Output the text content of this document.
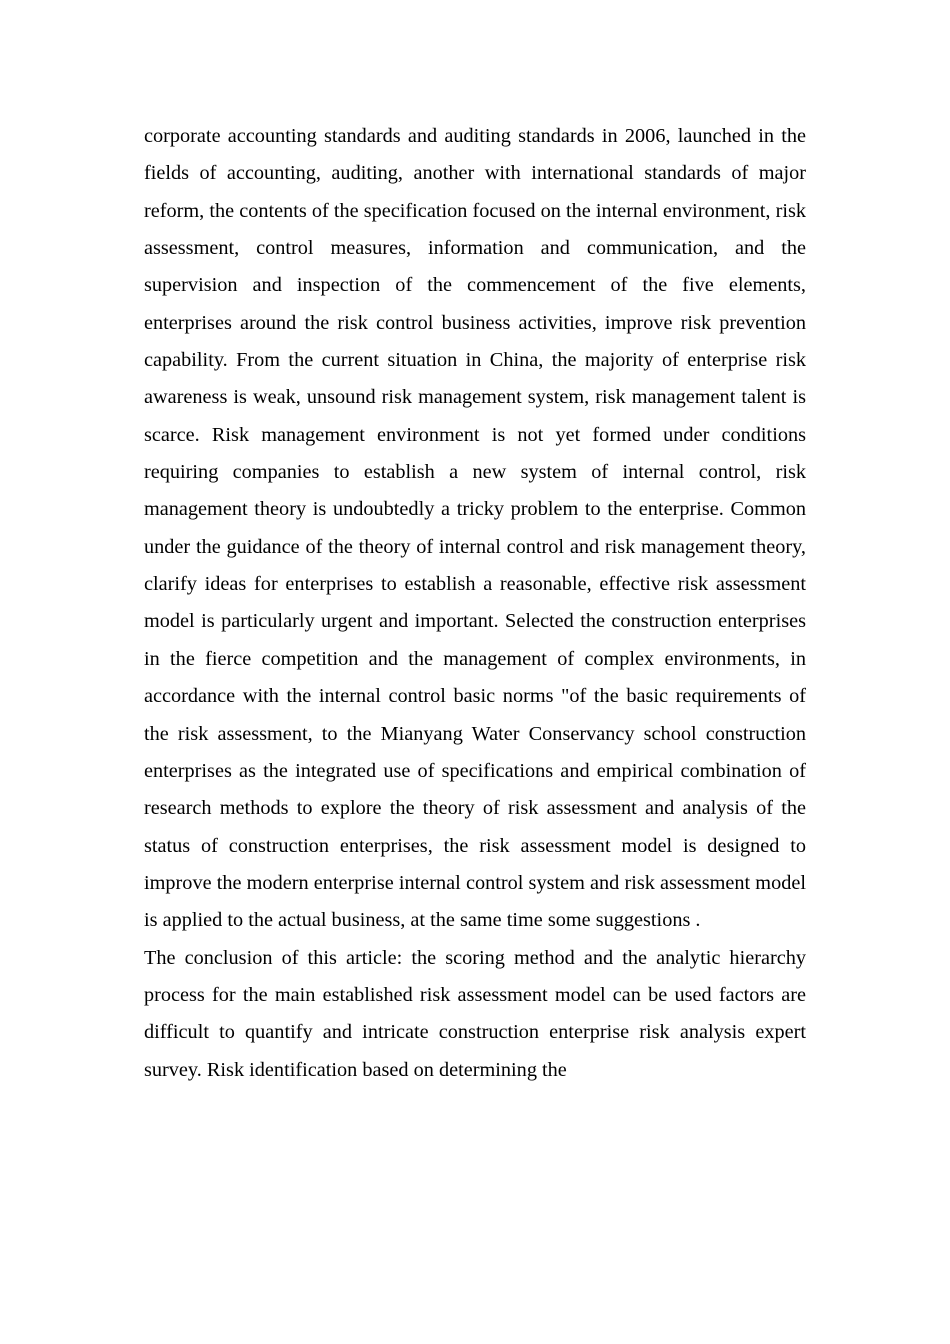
corporate accounting standards and auditing standards in 2006, launched in the fields of accounting, auditing, another with international standards of major reform, the contents of the specification focused on the internal environment, risk assessment, control measures, information and communication, and the supervision and inspection of the commencement of the five elements, enterprises around the risk control business activities, improve risk prevention capability. From the current situation in China, the majority of enterprise risk awareness is weak, unsound risk management system, risk management talent is scarce. Risk management environment is not yet formed under conditions requiring companies to establish a new system of internal control, risk management theory is undoubtedly a tricky problem to the enterprise. Common under the guidance of the theory of internal control and risk management theory, clarify ideas for enterprises to establish a reasonable, effective risk assessment model is particularly urgent and important. Selected the construction enterprises in the fierce competition and the management of complex environments, in accordance with the internal control basic norms "of the basic requirements of the risk assessment, to the Mianyang Water Conservancy school construction enterprises as the integrated use of specifications and empirical combination of research methods to explore the theory of risk assessment and analysis of the status of construction enterprises, the risk assessment model is designed to improve the modern enterprise internal control system and risk assessment model is applied to the actual business, at the same time some suggestions .

The conclusion of this article: the scoring method and the analytic hierarchy process for the main established risk assessment model can be used factors are difficult to quantify and intricate construction enterprise risk analysis expert survey. Risk identification based on determining the
